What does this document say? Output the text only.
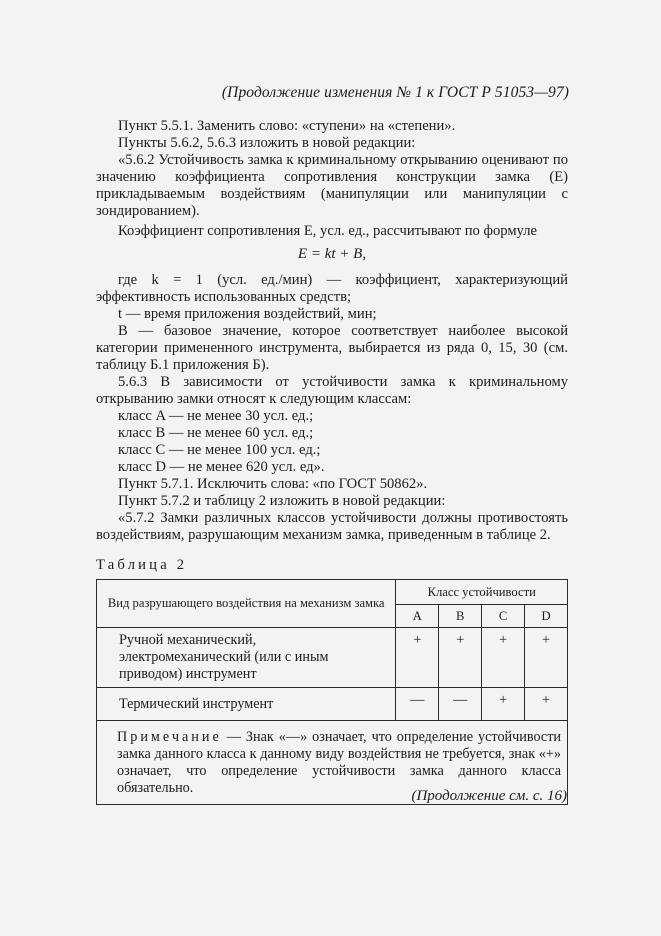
(Продолжение изменения № 1 к ГОСТ Р 51053—97)

Пункт 5.5.1. Заменить слово: «ступени» на «степени».

Пункты 5.6.2, 5.6.3 изложить в новой редакции:

«5.6.2 Устойчивость замка к криминальному открыванию оценивают по значению коэффициента сопротивления конструкции замка (E) прикладываемым воздействиям (манипуляции или манипуляции с зондированием).

Коэффициент сопротивления E, усл. ед., рассчитывают по формуле

E = kt + B,

где k = 1 (усл. ед./мин) — коэффициент, характеризующий эффективность использованных средств;

t — время приложения воздействий, мин;

B — базовое значение, которое соответствует наиболее высокой категории примененного инструмента, выбирается из ряда 0, 15, 30 (см. таблицу Б.1 приложения Б).

5.6.3 В зависимости от устойчивости замка к криминальному открыванию замки относят к следующим классам:

класс A — не менее 30 усл. ед.;

класс B — не менее 60 усл. ед.;

класс C — не менее 100 усл. ед.;

класс D — не менее 620 усл. ед».

Пункт 5.7.1. Исключить слова: «по ГОСТ 50862».

Пункт 5.7.2 и таблицу 2 изложить в новой редакции:

«5.7.2 Замки различных классов устойчивости должны противостоять воздействиям, разрушающим механизм замка, приведенным в таблице 2.

Таблица 2

Вид разрушающего воздействия на механизм замка	Класс устойчивости			
	A	B	C	D
Ручной механический, электромеханический (или с иным приводом) инструмент	+	+	+	+
Термический инструмент	—	—	+	+
Примечание — Знак «—» означает, что определение устойчивости замка данного класса к данному виду воздействия не требуется, знак «+» означает, что определение устойчивости замка данного класса обязательно.					(Продолжение см. с. 16)
